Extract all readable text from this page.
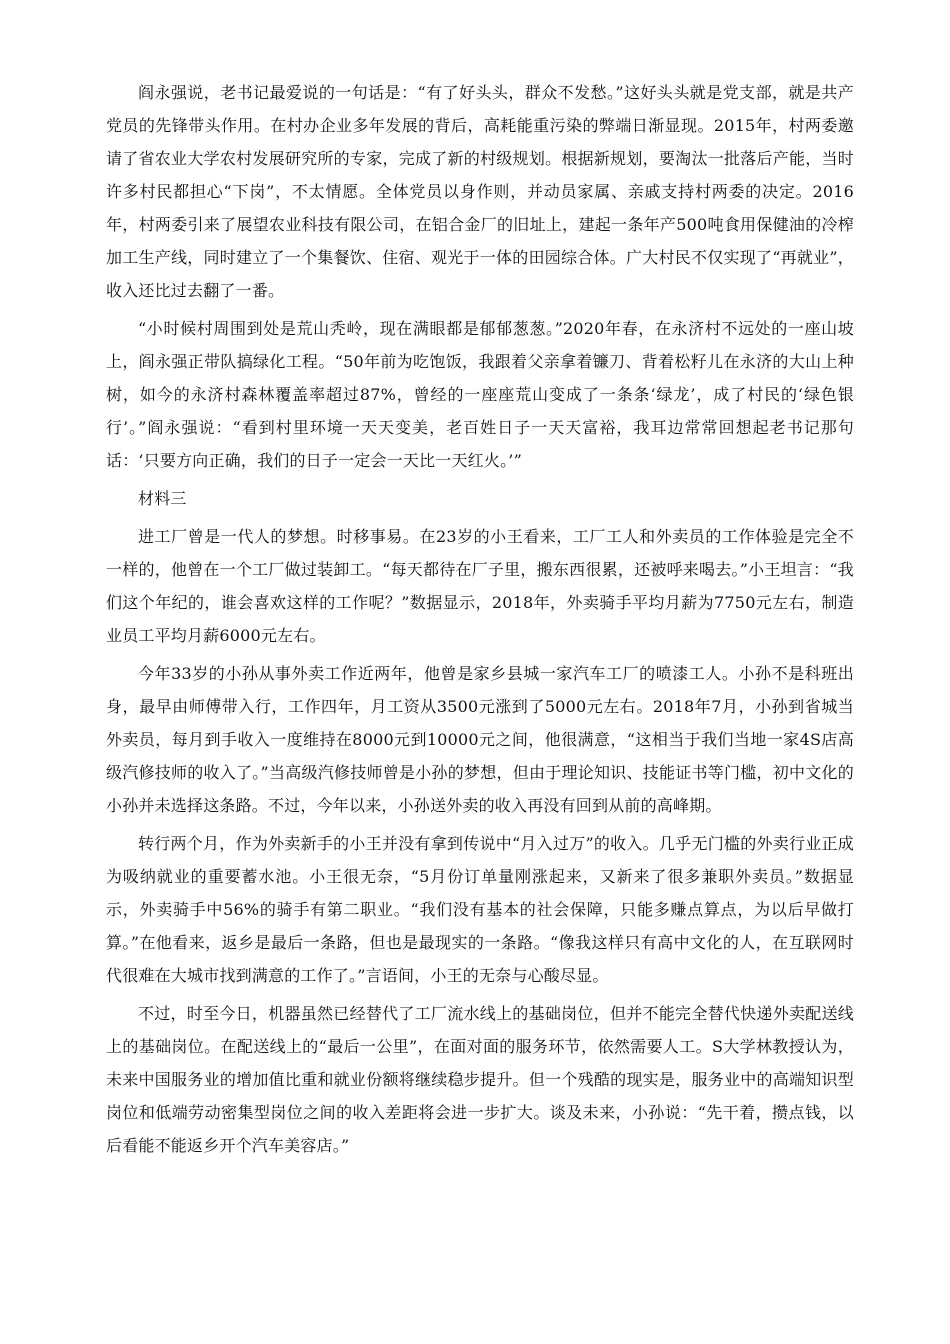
阎永强说，老书记最爱说的一句话是：“有了好头头，群众不发愁。”这好头头就是党支部，就是共产党员的先锋带头作用。在村办企业多年发展的背后，高耗能重污染的弊端日渐显现。2015年，村两委邀请了省农业大学农村发展研究所的专家，完成了新的村级规划。根据新规划，要淘汰一批落后产能，当时许多村民都担心“下岗”，不太情愿。全体党员以身作则，并动员家属、亲戚支持村两委的决定。2016年，村两委引来了展望农业科技有限公司，在铝合金厂的旧址上，建起一条年产500吨食用保健油的冷榨加工生产线，同时建立了一个集餐饮、住宿、观光于一体的田园综合体。广大村民不仅实现了“再就业”，收入还比过去翻了一番。

“小时候村周围到处是荒山秃岭，现在满眼都是郁郁葱葱。”2020年春，在永济村不远处的一座山坡上，阎永强正带队搞绿化工程。“50年前为吃饱饭，我跟着父亲拿着镰刀、背着松籽儿在永济的大山上种树，如今的永济村森林覆盖率超过87%，曾经的一座座荒山变成了一条条‘绿龙’，成了村民的‘绿色银行’。”阎永强说：“看到村里环境一天天变美，老百姓日子一天天富裕，我耳边常常回想起老书记那句话：‘只要方向正确，我们的日子一定会一天比一天红火。’”

材料三

进工厂曾是一代人的梦想。时移事易。在23岁的小王看来，工厂工人和外卖员的工作体验是完全不一样的，他曾在一个工厂做过装卸工。“每天都待在厂子里，搬东西很累，还被呼来喝去。”小王坦言：“我们这个年纪的，谁会喜欢这样的工作呢？”数据显示，2018年，外卖骑手平均月薪为7750元左右，制造业员工平均月薪6000元左右。

今年33岁的小孙从事外卖工作近两年，他曾是家乡县城一家汽车工厂的喷漆工人。小孙不是科班出身，最早由师傅带入行，工作四年，月工资从3500元涨到了5000元左右。2018年7月，小孙到省城当外卖员，每月到手收入一度维持在8000元到10000元之间，他很满意，“这相当于我们当地一家4S店高级汽修技师的收入了。”当高级汽修技师曾是小孙的梦想，但由于理论知识、技能证书等门槛，初中文化的小孙并未选择这条路。不过，今年以来，小孙送外卖的收入再没有回到从前的高峰期。

转行两个月，作为外卖新手的小王并没有拿到传说中“月入过万”的收入。几乎无门槛的外卖行业正成为吸纳就业的重要蓄水池。小王很无奈，“5月份订单量刚涨起来，又新来了很多兼职外卖员。”数据显示，外卖骑手中56%的骑手有第二职业。“我们没有基本的社会保障，只能多赚点算点，为以后早做打算。”在他看来，返乡是最后一条路，但也是最现实的一条路。“像我这样只有高中文化的人，在互联网时代很难在大城市找到满意的工作了。”言语间，小王的无奈与心酸尽显。

不过，时至今日，机器虽然已经替代了工厂流水线上的基础岗位，但并不能完全替代快递外卖配送线上的基础岗位。在配送线上的“最后一公里”，在面对面的服务环节，依然需要人工。S大学林教授认为，未来中国服务业的增加值比重和就业份额将继续稳步提升。但一个残酷的现实是，服务业中的高端知识型岗位和低端劳动密集型岗位之间的收入差距将会进一步扩大。谈及未来，小孙说：“先干着，攒点钱，以后看能不能返乡开个汽车美容店。”
